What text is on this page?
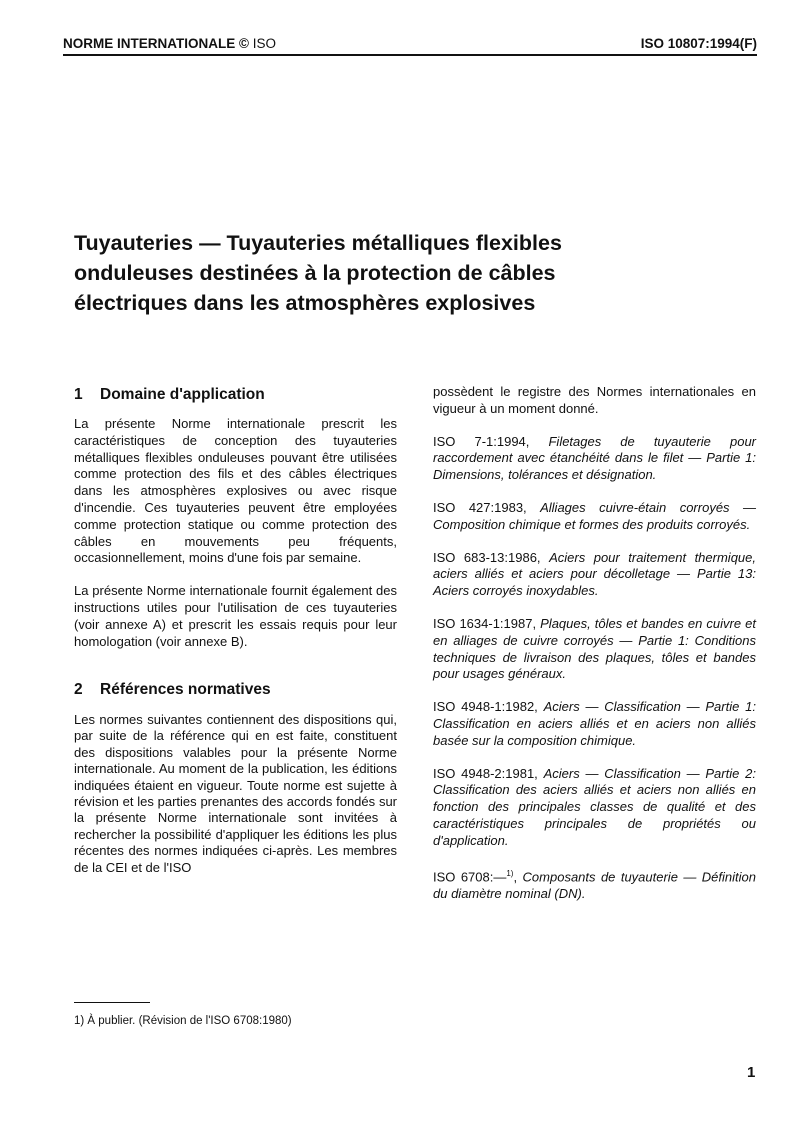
NORME INTERNATIONALE © ISO	ISO 10807:1994(F)
Tuyauteries — Tuyauteries métalliques flexibles
onduleuses destinées à la protection de câbles
électriques dans les atmosphères explosives
1 Domaine d'application

La présente Norme internationale prescrit les caractéristiques de conception des tuyauteries métalliques flexibles onduleuses pouvant être utilisées comme protection des fils et des câbles électriques dans les atmosphères explosives ou avec risque d'incendie. Ces tuyauteries peuvent être employées comme protection statique ou comme protection des câbles en mouvements peu fréquents, occasionnellement, moins d'une fois par semaine.

La présente Norme internationale fournit également des instructions utiles pour l'utilisation de ces tuyauteries (voir annexe A) et prescrit les essais requis pour leur homologation (voir annexe B).

2 Références normatives

Les normes suivantes contiennent des dispositions qui, par suite de la référence qui en est faite, constituent des dispositions valables pour la présente Norme internationale. Au moment de la publication, les éditions indiquées étaient en vigueur. Toute norme est sujette à révision et les parties prenantes des accords fondés sur la présente Norme internationale sont invitées à rechercher la possibilité d'appliquer les éditions les plus récentes des normes indiquées ci-après. Les membres de la CEI et de l'ISO

possèdent le registre des Normes internationales en vigueur à un moment donné.

ISO 7-1:1994, Filetages de tuyauterie pour raccordement avec étanchéité dans le filet — Partie 1: Dimensions, tolérances et désignation.

ISO 427:1983, Alliages cuivre-étain corroyés — Composition chimique et formes des produits corroyés.

ISO 683-13:1986, Aciers pour traitement thermique, aciers alliés et aciers pour décolletage — Partie 13: Aciers corroyés inoxydables.

ISO 1634-1:1987, Plaques, tôles et bandes en cuivre et en alliages de cuivre corroyés — Partie 1: Conditions techniques de livraison des plaques, tôles et bandes pour usages généraux.

ISO 4948-1:1982, Aciers — Classification — Partie 1: Classification en aciers alliés et en aciers non alliés basée sur la composition chimique.

ISO 4948-2:1981, Aciers — Classification — Partie 2: Classification des aciers alliés et aciers non alliés en fonction des principales classes de qualité et des caractéristiques principales de propriétés ou d'application.

ISO 6708:—$^{1)}$, Composants de tuyauterie — Définition du diamètre nominal (DN).

1) À publier. (Révision de l'ISO 6708:1980)
1
